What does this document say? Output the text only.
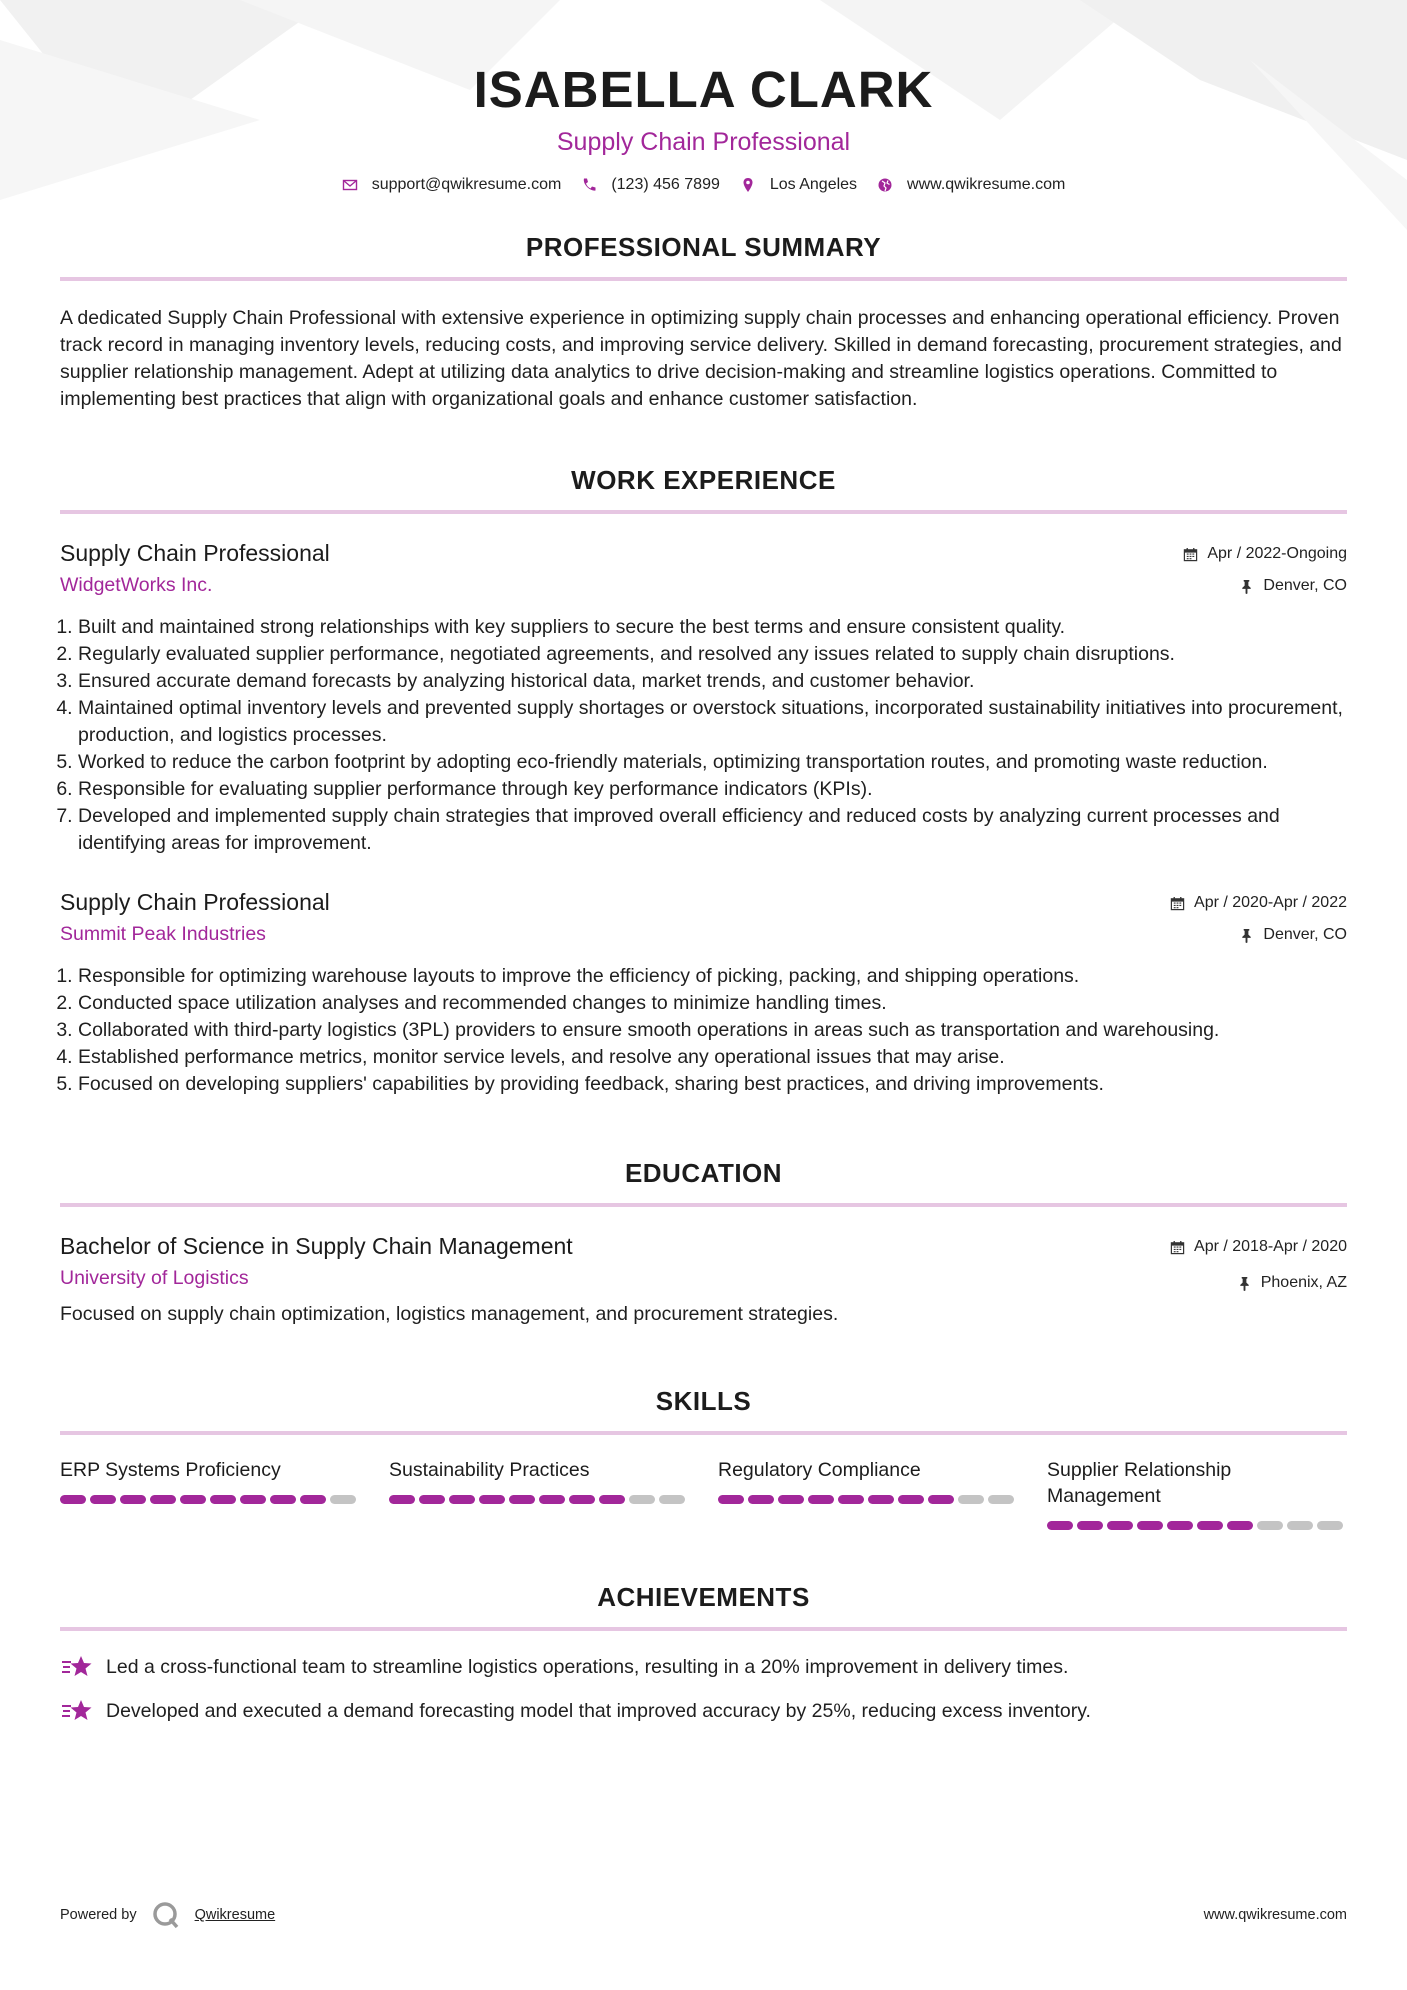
ISABELLA CLARK
Supply Chain Professional
support@qwikresume.com	(123) 456 7899	Los Angeles	www.qwikresume.com
PROFESSIONAL SUMMARY
A dedicated Supply Chain Professional with extensive experience in optimizing supply chain processes and enhancing operational efficiency. Proven track record in managing inventory levels, reducing costs, and improving service delivery. Skilled in demand forecasting, procurement strategies, and supplier relationship management. Adept at utilizing data analytics to drive decision-making and streamline logistics operations. Committed to implementing best practices that align with organizational goals and enhance customer satisfaction.
WORK EXPERIENCE
Supply Chain Professional
WidgetWorks Inc.
Apr / 2022-Ongoing
Denver, CO
1. Built and maintained strong relationships with key suppliers to secure the best terms and ensure consistent quality.
2. Regularly evaluated supplier performance, negotiated agreements, and resolved any issues related to supply chain disruptions.
3. Ensured accurate demand forecasts by analyzing historical data, market trends, and customer behavior.
4. Maintained optimal inventory levels and prevented supply shortages or overstock situations, incorporated sustainability initiatives into procurement, production, and logistics processes.
5. Worked to reduce the carbon footprint by adopting eco-friendly materials, optimizing transportation routes, and promoting waste reduction.
6. Responsible for evaluating supplier performance through key performance indicators (KPIs).
7. Developed and implemented supply chain strategies that improved overall efficiency and reduced costs by analyzing current processes and identifying areas for improvement.
Supply Chain Professional
Summit Peak Industries
Apr / 2020-Apr / 2022
Denver, CO
1. Responsible for optimizing warehouse layouts to improve the efficiency of picking, packing, and shipping operations.
2. Conducted space utilization analyses and recommended changes to minimize handling times.
3. Collaborated with third-party logistics (3PL) providers to ensure smooth operations in areas such as transportation and warehousing.
4. Established performance metrics, monitor service levels, and resolve any operational issues that may arise.
5. Focused on developing suppliers' capabilities by providing feedback, sharing best practices, and driving improvements.
EDUCATION
Bachelor of Science in Supply Chain Management
University of Logistics
Apr / 2018-Apr / 2020
Phoenix, AZ
Focused on supply chain optimization, logistics management, and procurement strategies.
SKILLS
ERP Systems Proficiency	Sustainability Practices	Regulatory Compliance	Supplier Relationship Management
ACHIEVEMENTS
Led a cross-functional team to streamline logistics operations, resulting in a 20% improvement in delivery times.
Developed and executed a demand forecasting model that improved accuracy by 25%, reducing excess inventory.
Powered by	Qwikresume	www.qwikresume.com
